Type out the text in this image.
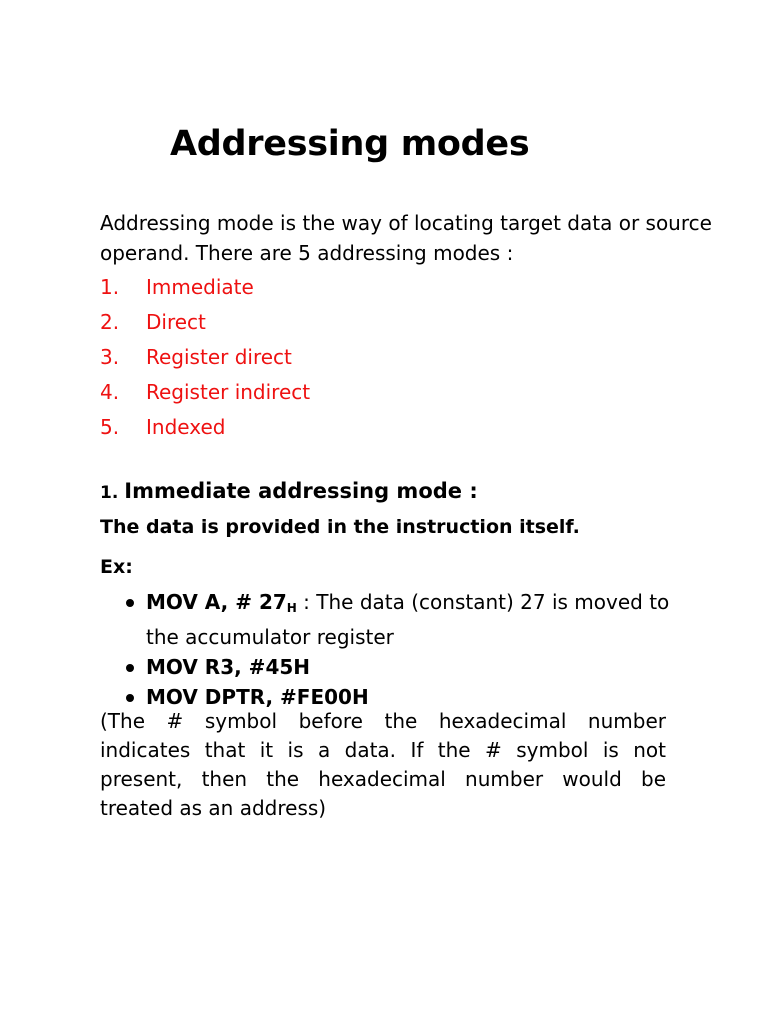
Addressing modes

Addressing mode is the way of locating target data or source operand. There are 5 addressing modes :

1. Immediate
2. Direct
3. Register direct
4. Register indirect
5. Indexed
1. Immediate addressing mode :

The data is provided in the instruction itself.

Ex:

MOV A, # $27_H$ : The data (constant) 27 is moved to the accumulator register
MOV R3, #45H
MOV DPTR, #FE00H

(The # symbol before the hexadecimal number indicates that it is a data. If the # symbol is not present, then the hexadecimal number would be treated as an address)
